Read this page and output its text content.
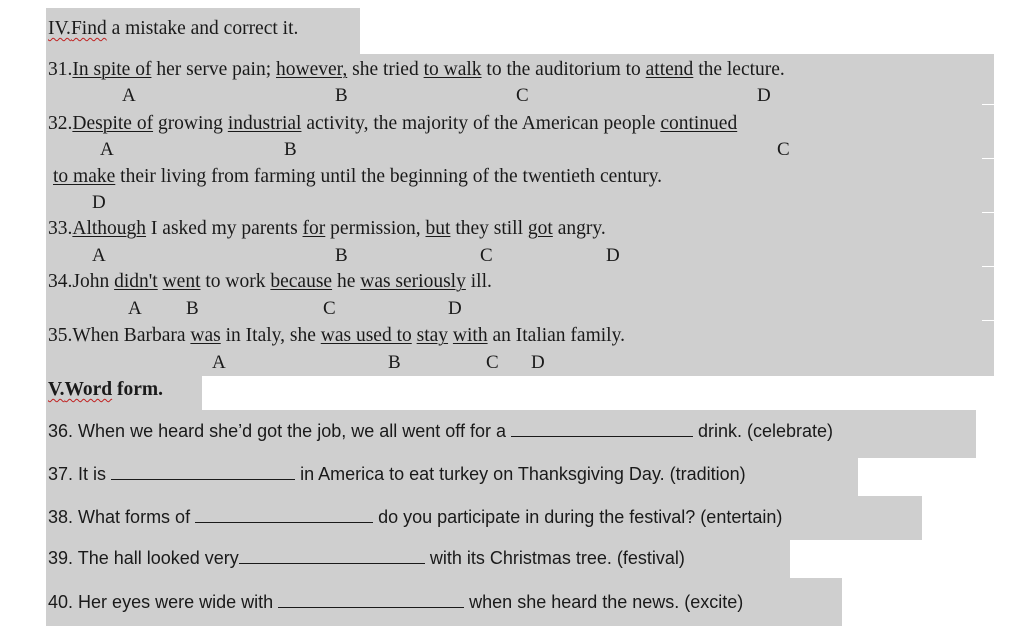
IV.Find a mistake and correct it.
31.In spite of her serve pain; however, she tried to walk to the auditorium to attend the lecture.
A	B	C	D
32.Despite of growing industrial activity, the majority of the American people continued
A	B	C
to make their living from farming until the beginning of the twentieth century.
D
33.Although I asked my parents for permission, but they still got angry.
A	B	C	D
34.John didn't went to work because he was seriously ill.
A B	C	D
35.When Barbara was in Italy, she was used to stay with an Italian family.
A	B	C D
V.Word form.
36. When we heard she’d got the job, we all went off for a	drink. (celebrate)
37. It is	in America to eat turkey on Thanksgiving Day. (tradition)
38. What forms of	do you participate in during the festival? (entertain)
39. The hall looked very	with its Christmas tree. (festival)
40. Her eyes were wide with	when she heard the news. (excite)
